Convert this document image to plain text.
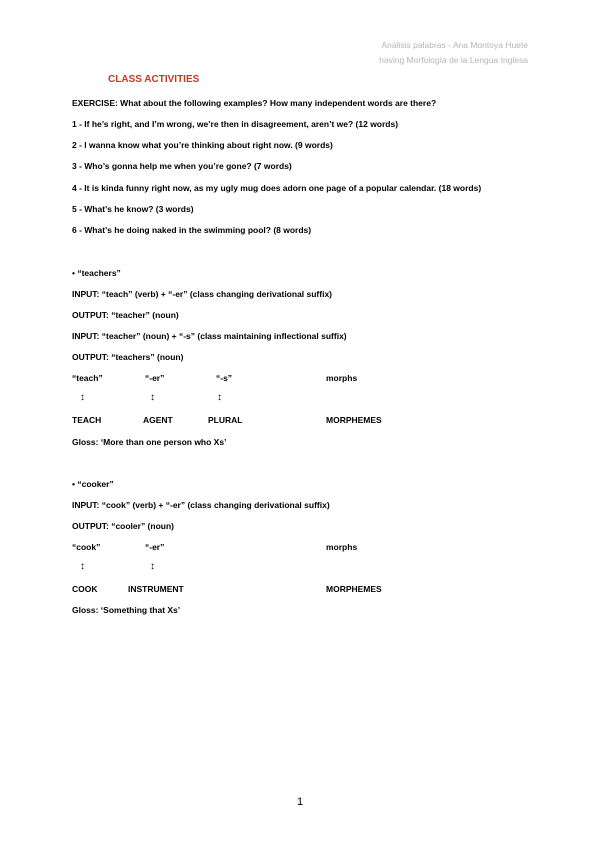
Análisis palabras - Ana Montoya Huete
having Morfología de la Lengua Inglesa
CLASS ACTIVITIES
EXERCISE: What about the following examples? How many independent words are there?
1 - If he’s right, and I’m wrong, we’re then in disagreement, aren’t we? (12 words)
2 - I wanna know what you’re thinking about right now. (9 words)
3 - Who’s gonna help me when you’re gone? (7 words)
4 - It is kinda funny right now, as my ugly mug does adorn one page of a popular calendar. (18 words)
5 - What’s he know? (3 words)
6 - What’s he doing naked in the swimming pool? (8 words)
• “teachers”
INPUT: “teach” (verb) + “-er” (class changing derivational suffix)
OUTPUT: “teacher” (noun)
INPUT: “teacher” (noun) + “-s” (class maintaining inflectional suffix)
OUTPUT: “teachers” (noun)
“teach”	“-er”	“-s”	morphs
↕	↕	↕
TEACH	AGENT	PLURAL	MORPHEMES
Gloss: ‘More than one person who Xs’
• “cooker”
INPUT: “cook” (verb) + “-er” (class changing derivational suffix)
OUTPUT: “cooler” (noun)
“cook”	“-er”	morphs
↕	↕
COOK	INSTRUMENT	MORPHEMES
Gloss: ‘Something that Xs’
1
